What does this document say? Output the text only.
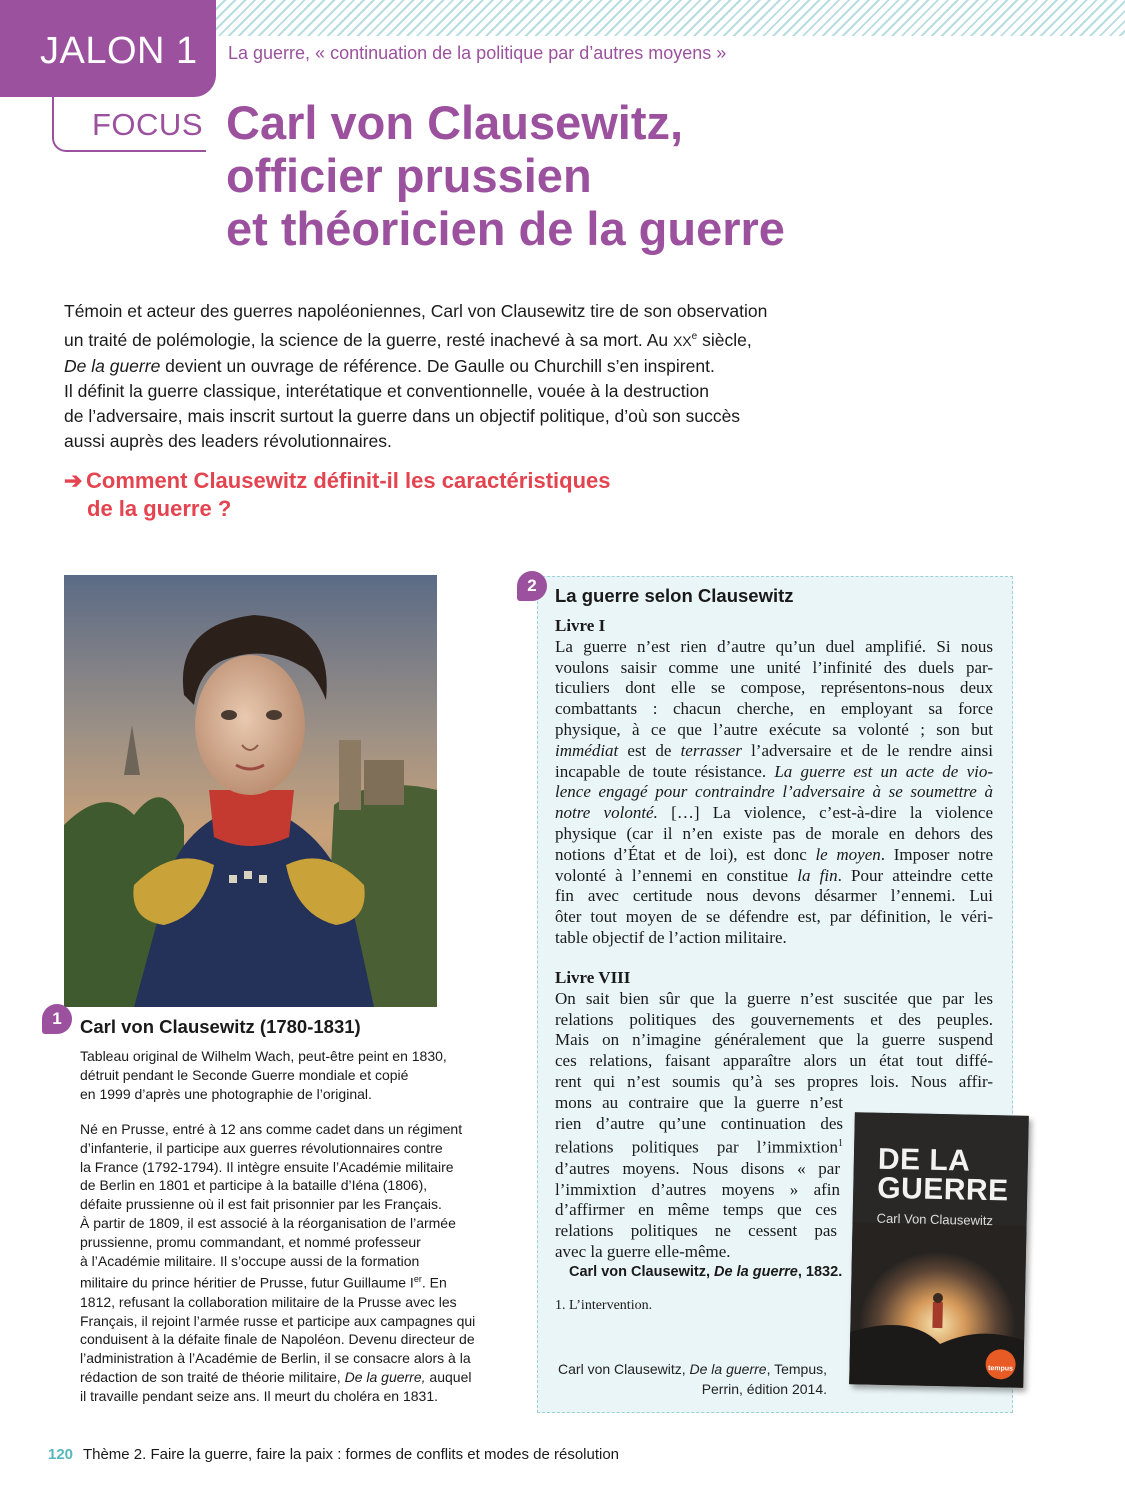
JALON 1 La guerre, « continuation de la politique par d’autres moyens »
FOCUS Carl von Clausewitz,
officier prussien
et théoricien de la guerre
Témoin et acteur des guerres napoléoniennes, Carl von Clausewitz tire de son observation
un traité de polémologie, la science de la guerre, resté inachevé à sa mort. Au XXe siècle,
De la guerre devient un ouvrage de référence. De Gaulle ou Churchill s’en inspirent.
Il définit la guerre classique, interétatique et conventionnelle, vouée à la destruction
de l’adversaire, mais inscrit surtout la guerre dans un objectif politique, d’où son succès
aussi auprès des leaders révolutionnaires.
➔ Comment Clausewitz définit-il les caractéristiques
de la guerre ?
1 Carl von Clausewitz (1780-1831)
Tableau original de Wilhelm Wach, peut-être peint en 1830,
détruit pendant le Seconde Guerre mondiale et copié
en 1999 d’après une photographie de l’original.
Né en Prusse, entré à 12 ans comme cadet dans un régiment
d’infanterie, il participe aux guerres révolutionnaires contre
la France (1792-1794). Il intègre ensuite l’Académie militaire
de Berlin en 1801 et participe à la bataille d’Iéna (1806),
défaite prussienne où il est fait prisonnier par les Français.
À partir de 1809, il est associé à la réorganisation de l’armée
prussienne, promu commandant, et nommé professeur
à l’Académie militaire. Il s’occupe aussi de la formation
militaire du prince héritier de Prusse, futur Guillaume Ier. En
1812, refusant la collaboration militaire de la Prusse avec les
Français, il rejoint l’armée russe et participe aux campagnes qui
conduisent à la défaite finale de Napoléon. Devenu directeur de
l’administration à l’Académie de Berlin, il se consacre alors à la
rédaction de son traité de théorie militaire, De la guerre, auquel
il travaille pendant seize ans. Il meurt du choléra en 1831.
2 La guerre selon Clausewitz
Livre I
La guerre n’est rien d’autre qu’un duel amplifié. Si nous
voulons saisir comme une unité l’infinité des duels par-
ticuliers dont elle se compose, représentons-nous deux
combattants : chacun cherche, en employant sa force
physique, à ce que l’autre exécute sa volonté ; son but
immédiat est de terrasser l’adversaire et de le rendre ainsi
incapable de toute résistance. La guerre est un acte de vio-
lence engagé pour contraindre l’adversaire à se soumettre à
notre volonté. […] La violence, c’est-à-dire la violence
physique (car il n’en existe pas de morale en dehors des
notions d’État et de loi), est donc le moyen. Imposer notre
volonté à l’ennemi en constitue la fin. Pour atteindre cette
fin avec certitude nous devons désarmer l’ennemi. Lui
ôter tout moyen de se défendre est, par définition, le véri-
table objectif de l’action militaire.
Livre VIII
On sait bien sûr que la guerre n’est suscitée que par les
relations politiques des gouvernements et des peuples.
Mais on n’imagine généralement que la guerre suspend
ces relations, faisant apparaître alors un état tout diffé-
rent qui n’est soumis qu’à ses propres lois. Nous affir-
mons au contraire que la guerre n’est
rien d’autre qu’une continuation des
relations politiques par l’immixtion$^1$
d’autres moyens. Nous disons « par
l’immixtion d’autres moyens » afin
d’affirmer en même temps que ces
relations politiques ne cessent pas
avec la guerre elle-même.
Carl von Clausewitz, De la guerre, 1832.
1. L’intervention.
DE LA
GUERRE
Carl Von Clausewitz
tempus
Carl von Clausewitz, De la guerre, Tempus,
Perrin, édition 2014.
120 Thème 2. Faire la guerre, faire la paix : formes de conflits et modes de résolution
